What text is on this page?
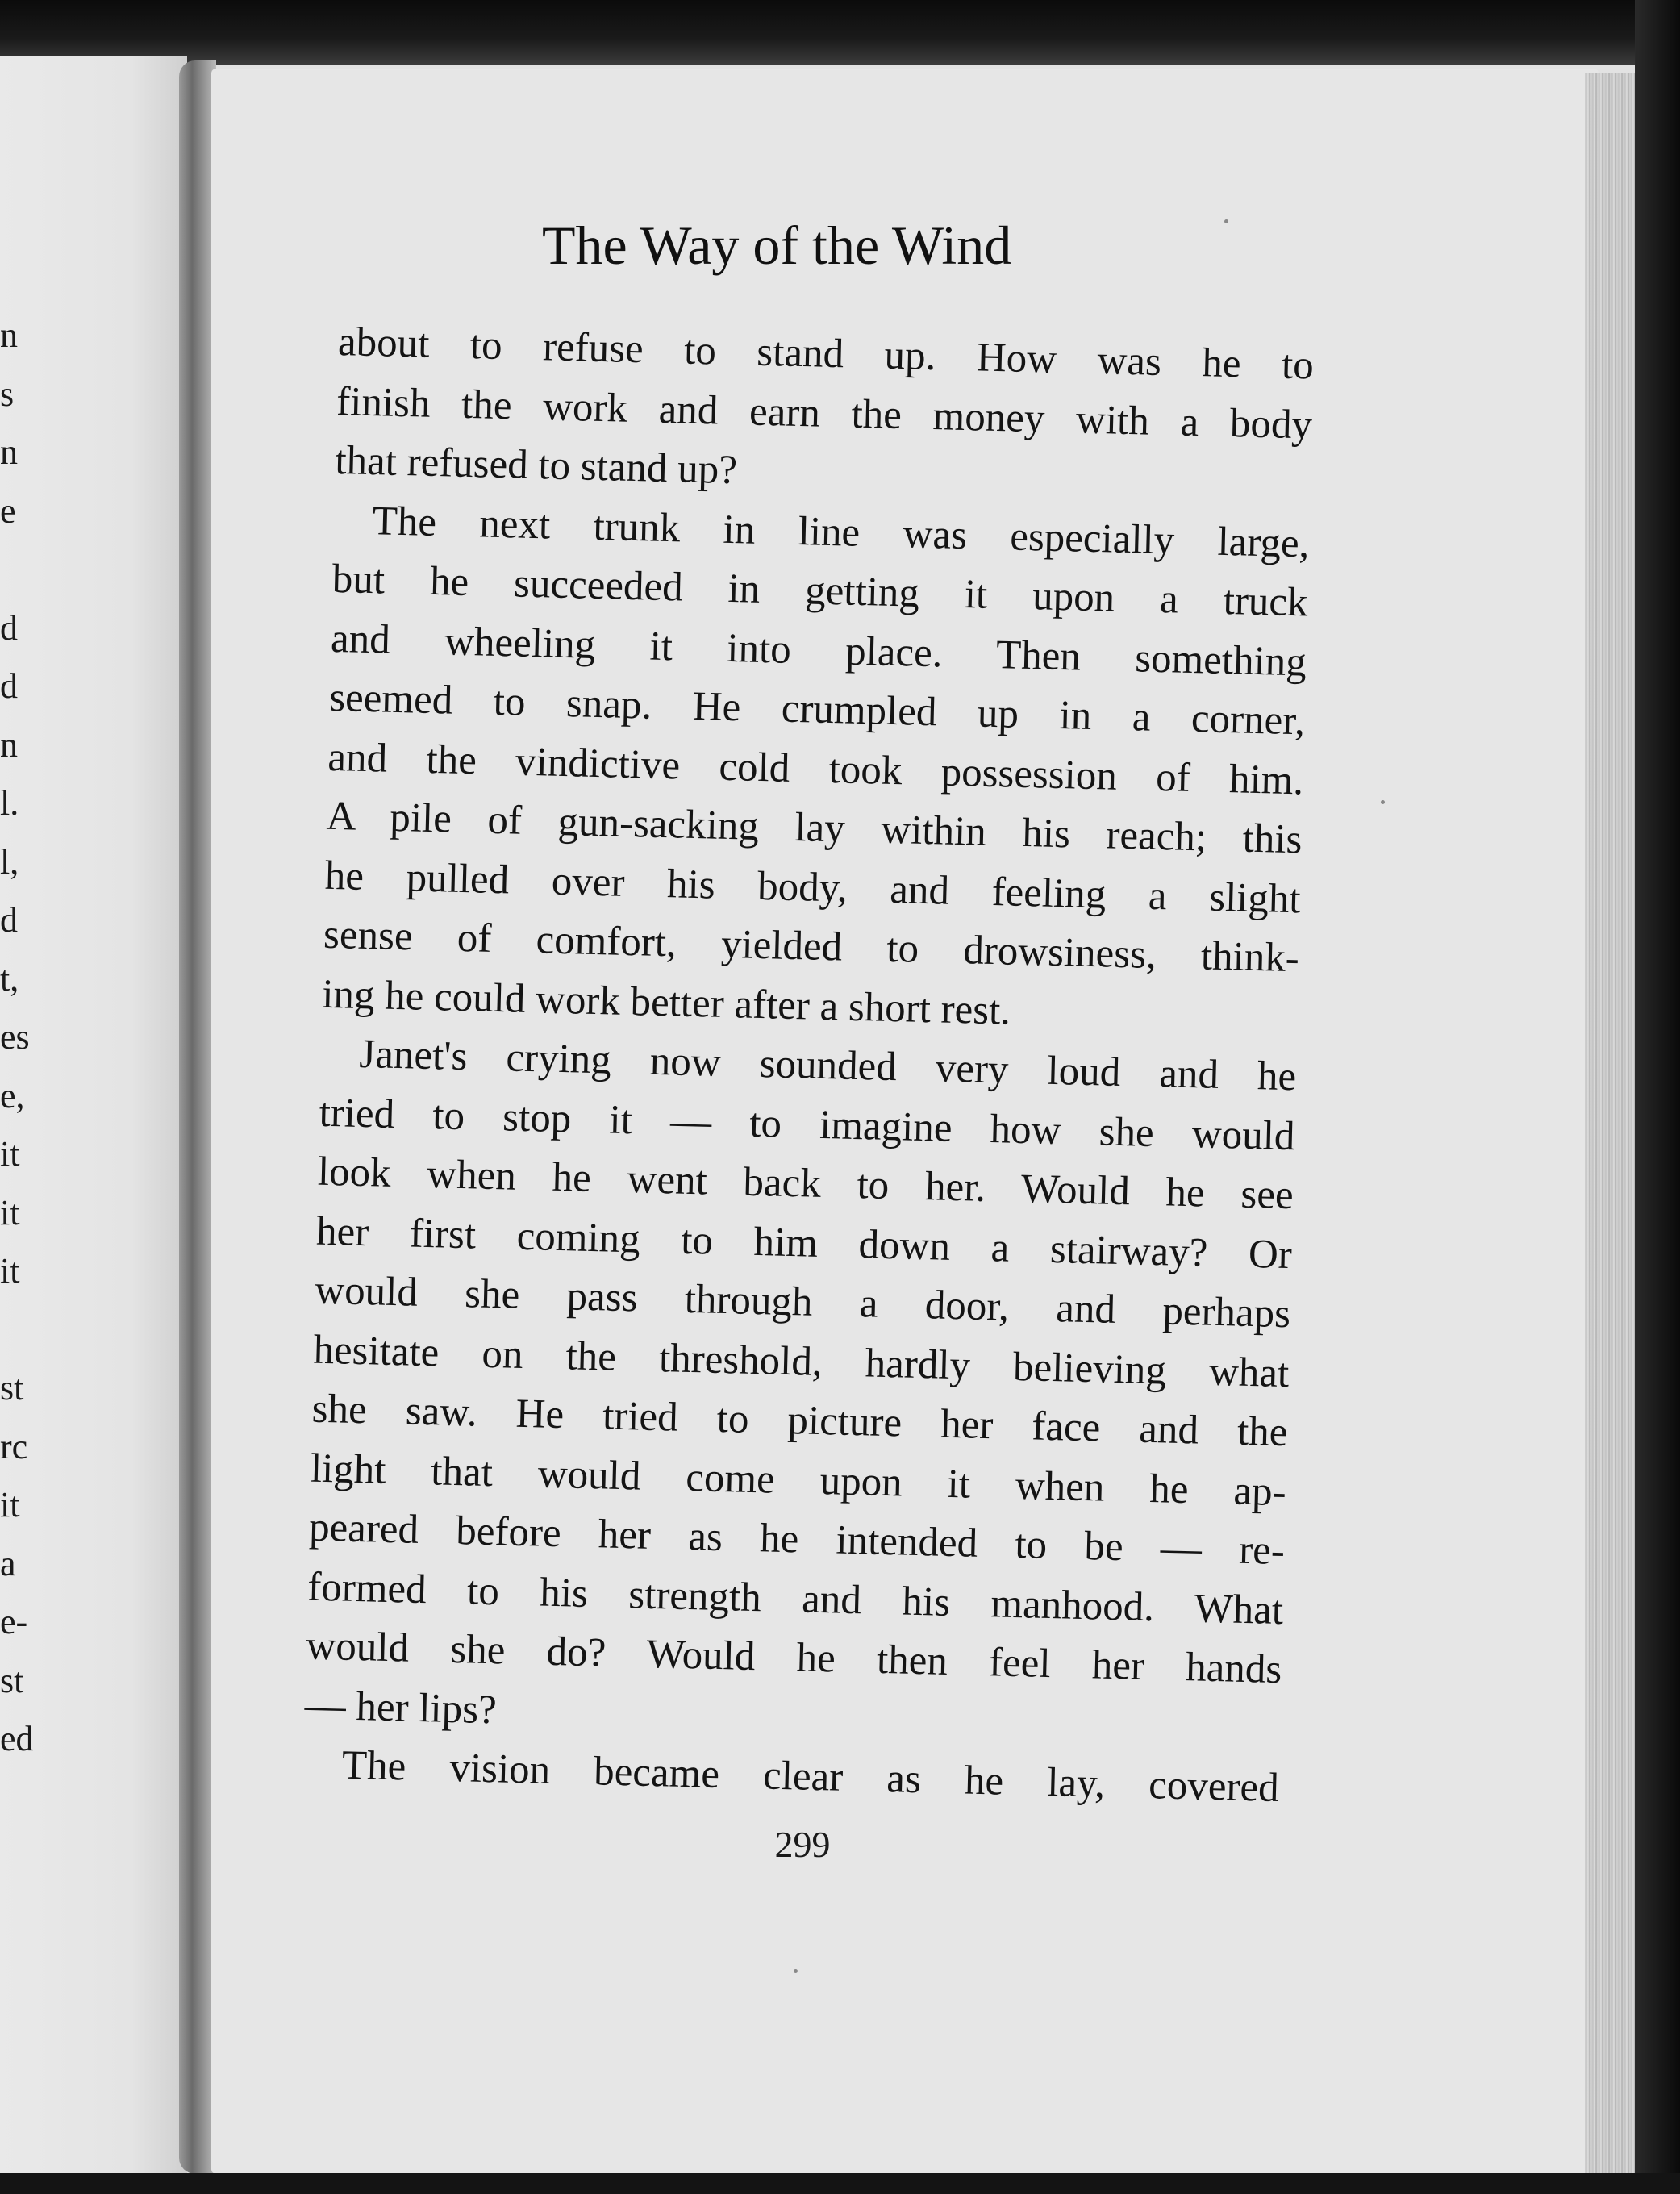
n
s
n
e
d
d
n
l.
l,
d
t,
es
e,
it
it
it
st
rc
it
a
e-
st
ed
The Way of the Wind
about to refuse to stand up. How was he to
finish the work and earn the money with a body
that refused to stand up?
The next trunk in line was especially large,
but he succeeded in getting it upon a truck
and wheeling it into place. Then something
seemed to snap. He crumpled up in a corner,
and the vindictive cold took possession of him.
A pile of gun-sacking lay within his reach; this
he pulled over his body, and feeling a slight
sense of comfort, yielded to drowsiness, think-
ing he could work better after a short rest.
Janet's crying now sounded very loud and he
tried to stop it — to imagine how she would
look when he went back to her. Would he see
her first coming to him down a stairway? Or
would she pass through a door, and perhaps
hesitate on the threshold, hardly believing what
she saw. He tried to picture her face and the
light that would come upon it when he ap-
peared before her as he intended to be — re-
formed to his strength and his manhood. What
would she do? Would he then feel her hands
— her lips?
The vision became clear as he lay, covered
299
